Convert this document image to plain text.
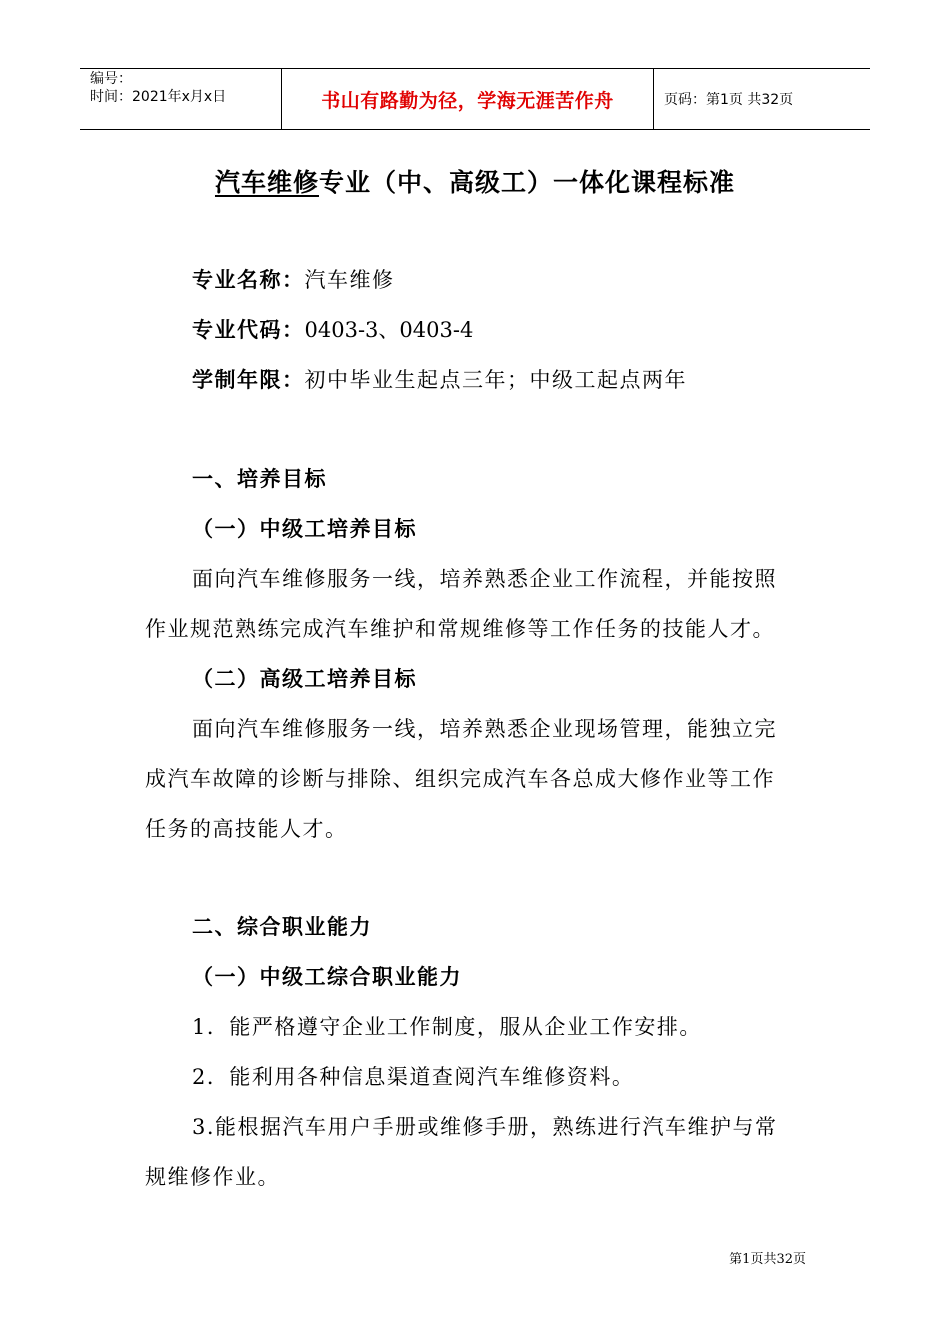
编号：
时间：2021年x月x日	书山有路勤为径，学海无涯苦作舟	页码：第1页 共32页
汽车维修专业（中、高级工）一体化课程标准
专业名称：汽车维修
专业代码：0403-3、0403-4
学制年限：初中毕业生起点三年；中级工起点两年
一、培养目标
（一）中级工培养目标
面向汽车维修服务一线，培养熟悉企业工作流程，并能按照
作业规范熟练完成汽车维护和常规维修等工作任务的技能人才。
（二）高级工培养目标
面向汽车维修服务一线，培养熟悉企业现场管理，能独立完
成汽车故障的诊断与排除、组织完成汽车各总成大修作业等工作
任务的高技能人才。
二、综合职业能力
（一）中级工综合职业能力
1．能严格遵守企业工作制度，服从企业工作安排。
2．能利用各种信息渠道查阅汽车维修资料。
3.能根据汽车用户手册或维修手册，熟练进行汽车维护与常
规维修作业。
第1页共32页
